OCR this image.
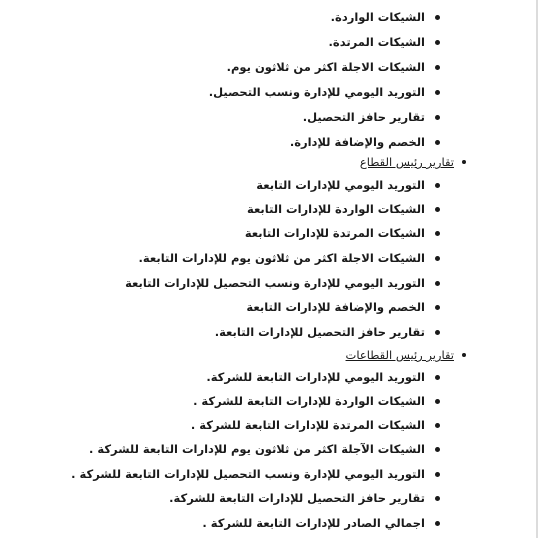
الشيكات الواردة.
الشيكات المرتدة.
الشيكات الاجلة اكثر من ثلاثون يوم.
التوريد اليومي للإدارة ونسب التحصيل.
تقارير حافز التحصيل.
الخصم والإضافة للإدارة.
تقارير رئيس القطاع
التوريد اليومي للإدارات التابعة
الشيكات الواردة للإدارات التابعة
الشيكات المرتدة للإدارات التابعة
الشيكات الاجلة اكثر من ثلاثون يوم للإدارات التابعة.
التوريد اليومي للإدارة ونسب التحصيل للإدارات التابعة
الخصم والإضافة للإدارات التابعة
تقارير حافز التحصيل للإدارات التابعة.
تقارير رئيس القطاعات
التوريد اليومي للإدارات التابعة للشركة.
الشيكات الواردة للإدارات التابعة للشركة .
الشيكات المرتدة للإدارات التابعة للشركة .
الشيكات الآجلة اكثر من ثلاثون يوم للإدارات التابعة للشركة .
التوريد اليومي للإدارة ونسب التحصيل للإدارات التابعة للشركة .
تقارير حافز التحصيل للإدارات التابعة للشركة.
اجمالي الصادر للإدارات التابعة للشركة .
